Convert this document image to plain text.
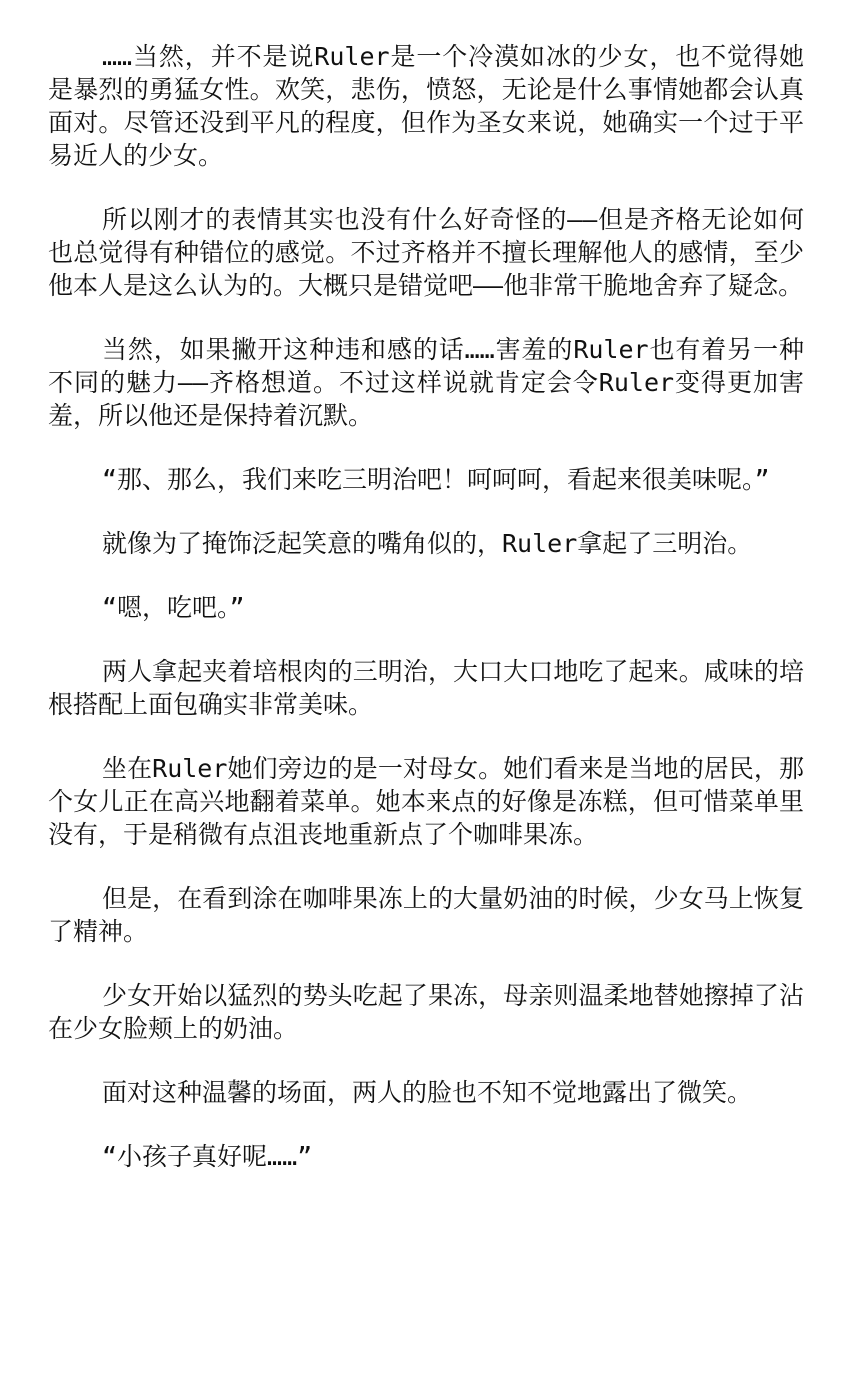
……当然，并不是说Ruler是一个冷漠如冰的少女，也不觉得她是暴烈的勇猛女性。欢笑，悲伤，愤怒，无论是什么事情她都会认真面对。尽管还没到平凡的程度，但作为圣女来说，她确实一个过于平易近人的少女。

所以刚才的表情其实也没有什么好奇怪的——但是齐格无论如何也总觉得有种错位的感觉。不过齐格并不擅长理解他人的感情，至少他本人是这么认为的。大概只是错觉吧——他非常干脆地舍弃了疑念。

当然，如果撇开这种违和感的话……害羞的Ruler也有着另一种不同的魅力——齐格想道。不过这样说就肯定会令Ruler变得更加害羞，所以他还是保持着沉默。

“那、那么，我们来吃三明治吧！呵呵呵，看起来很美味呢。”

就像为了掩饰泛起笑意的嘴角似的，Ruler拿起了三明治。

“嗯，吃吧。”

两人拿起夹着培根肉的三明治，大口大口地吃了起来。咸味的培根搭配上面包确实非常美味。

坐在Ruler她们旁边的是一对母女。她们看来是当地的居民，那个女儿正在高兴地翻着菜单。她本来点的好像是冻糕，但可惜菜单里没有，于是稍微有点沮丧地重新点了个咖啡果冻。

但是，在看到涂在咖啡果冻上的大量奶油的时候，少女马上恢复了精神。

少女开始以猛烈的势头吃起了果冻，母亲则温柔地替她擦掉了沾在少女脸颊上的奶油。

面对这种温馨的场面，两人的脸也不知不觉地露出了微笑。

“小孩子真好呢……”
